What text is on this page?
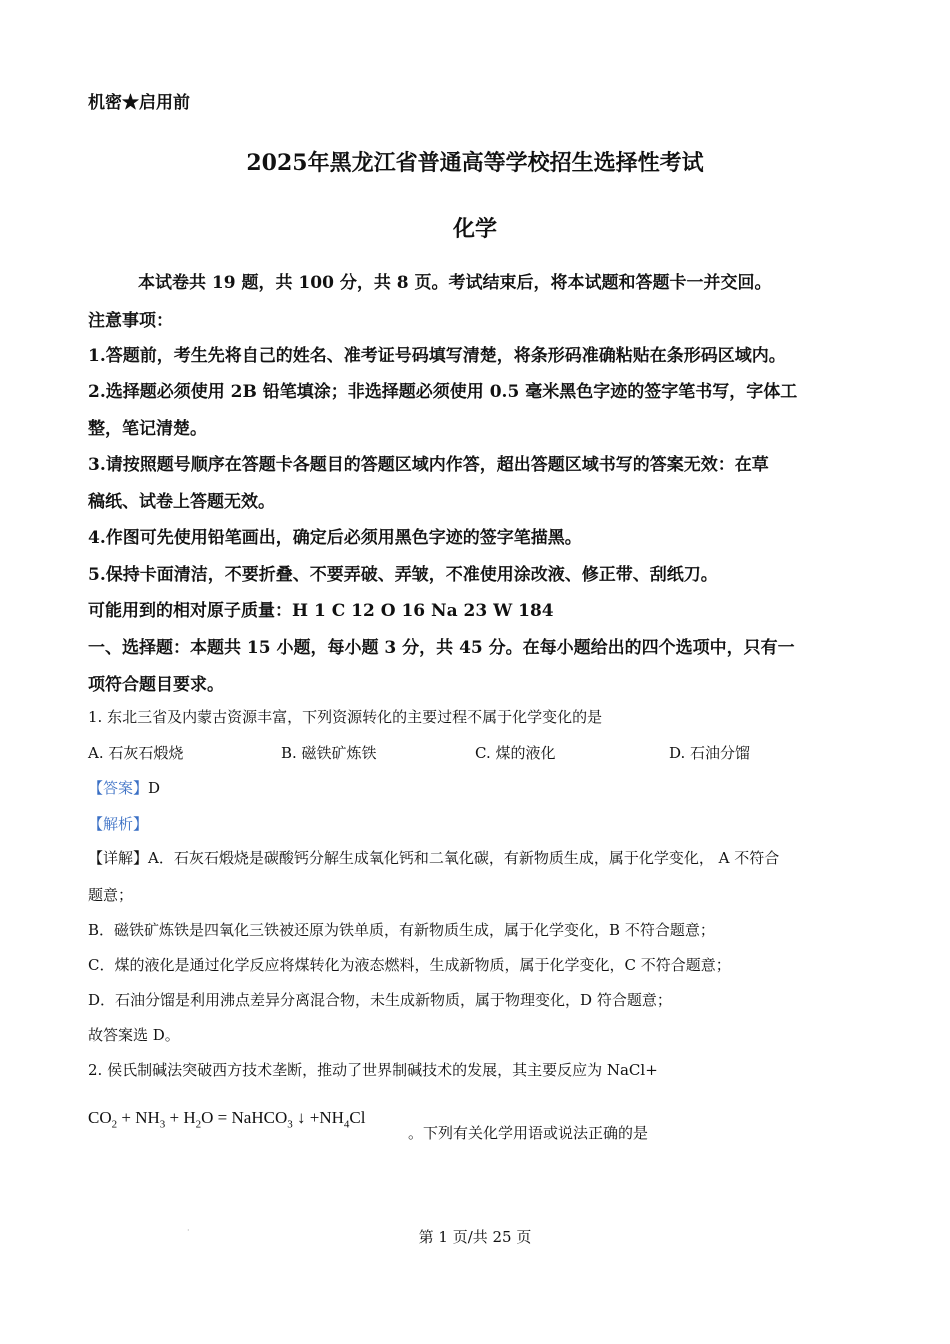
机密★启用前
2025年黑龙江省普通高等学校招生选择性考试
化学
本试卷共 19 题，共 100 分，共 8 页。考试结束后，将本试题和答题卡一并交回。
注意事项：
1.答题前，考生先将自己的姓名、准考证号码填写清楚，将条形码准确粘贴在条形码区域内。
2.选择题必须使用 2B 铅笔填涂；非选择题必须使用 0.5 毫米黑色字迹的签字笔书写，字体工
整，笔记清楚。
3.请按照题号顺序在答题卡各题目的答题区域内作答，超出答题区域书写的答案无效：在草
稿纸、试卷上答题无效。
4.作图可先使用铅笔画出，确定后必须用黑色字迹的签字笔描黑。
5.保持卡面清洁，不要折叠、不要弄破、弄皱，不准使用涂改液、修正带、刮纸刀。
可能用到的相对原子质量：H 1 C 12 O 16 Na 23 W 184
一、选择题：本题共 15 小题，每小题 3 分，共 45 分。在每小题给出的四个选项中，只有一
项符合题目要求。
1. 东北三省及内蒙古资源丰富，下列资源转化的主要过程不属于化学变化的是
A. 石灰石煅烧	B. 磁铁矿炼铁	C. 煤的液化	D. 石油分馏
【答案】D
【解析】
【详解】A．石灰石煅烧是碳酸钙分解生成氧化钙和二氧化碳，有新物质生成，属于化学变化， A 不符合
题意；
B．磁铁矿炼铁是四氧化三铁被还原为铁单质，有新物质生成，属于化学变化，B 不符合题意；
C．煤的液化是通过化学反应将煤转化为液态燃料，生成新物质，属于化学变化，C 不符合题意；
D．石油分馏是利用沸点差异分离混合物，未生成新物质，属于物理变化，D 符合题意；
故答案选 D。
2. 侯氏制碱法突破西方技术垄断，推动了世界制碱技术的发展，其主要反应为 NaCl+
$CO_2 + NH_3 + H_2O$ = NaHCO$_3$ ↓ $+NH_4Cl$
。下列有关化学用语或说法正确的是
·	第 1 页/共 25 页
